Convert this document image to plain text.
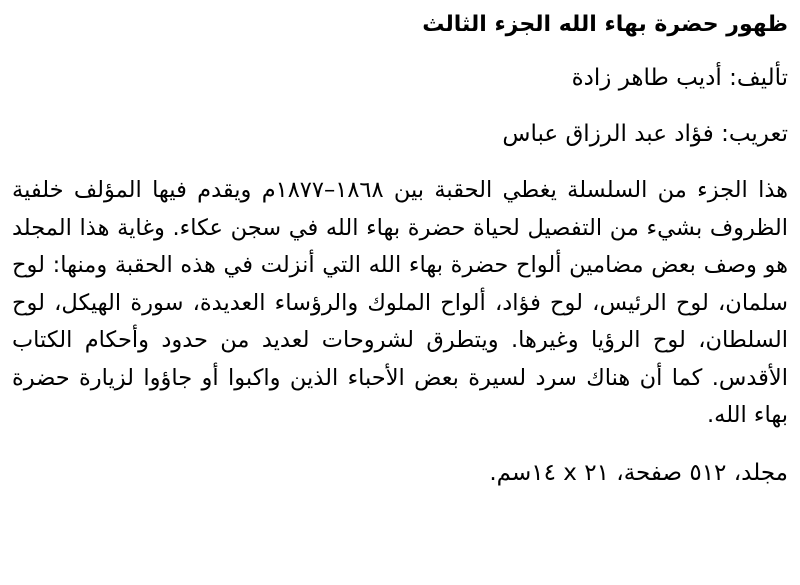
ظهور حضرة بهاء الله الجزء الثالث
تأليف: أديب طاهر زادة
تعريب: فؤاد عبد الرزاق عباس

هذا الجزء من السلسلة يغطي الحقبة بين ١٨٦٨–١٨٧٧م ويقدم فيها المؤلف خلفية الظروف بشيء من التفصيل لحياة حضرة بهاء الله في سجن عكاء. وغاية هذا المجلد هو وصف بعض مضامين ألواح حضرة بهاء الله التي أنزلت في هذه الحقبة ومنها: لوح سلمان، لوح الرئيس، لوح فؤاد، ألواح الملوك والرؤساء العديدة، سورة الهيكل، لوح السلطان، لوح الرؤيا وغيرها. ويتطرق لشروحات لعديد من حدود وأحكام الكتاب الأقدس. كما أن هناك سرد لسيرة بعض الأحباء الذين واكبوا أو جاؤوا لزيارة حضرة بهاء الله.

مجلد، ٥١٢ صفحة، ٢١ x ١٤سم.
